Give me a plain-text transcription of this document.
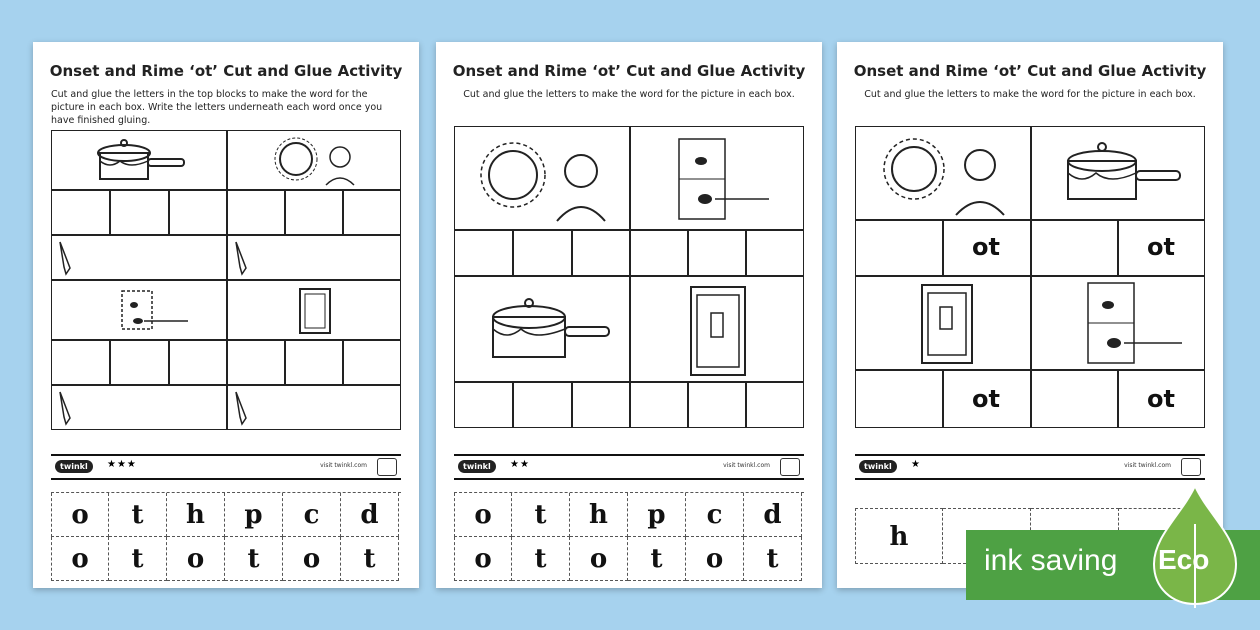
Onset and Rime ‘ot’ Cut and Glue Activity
Cut and glue the letters in the top blocks to make the word for the picture in each box. Write the letters underneath each word once you have finished gluing.
twinkl	★★★	visit twinkl.com
o	t	h	p	c	d
o	t	o	t	o	t
Onset and Rime ‘ot’ Cut and Glue Activity
Cut and glue the letters to make the word for the picture in each box.
twinkl	★★	visit twinkl.com
o	t	h	p	c	d
o	t	o	t	o	t
Onset and Rime ‘ot’ Cut and Glue Activity
Cut and glue the letters to make the word for the picture in each box.
ot	ot
ot	ot
twinkl	★	visit twinkl.com
h
ink saving Eco
